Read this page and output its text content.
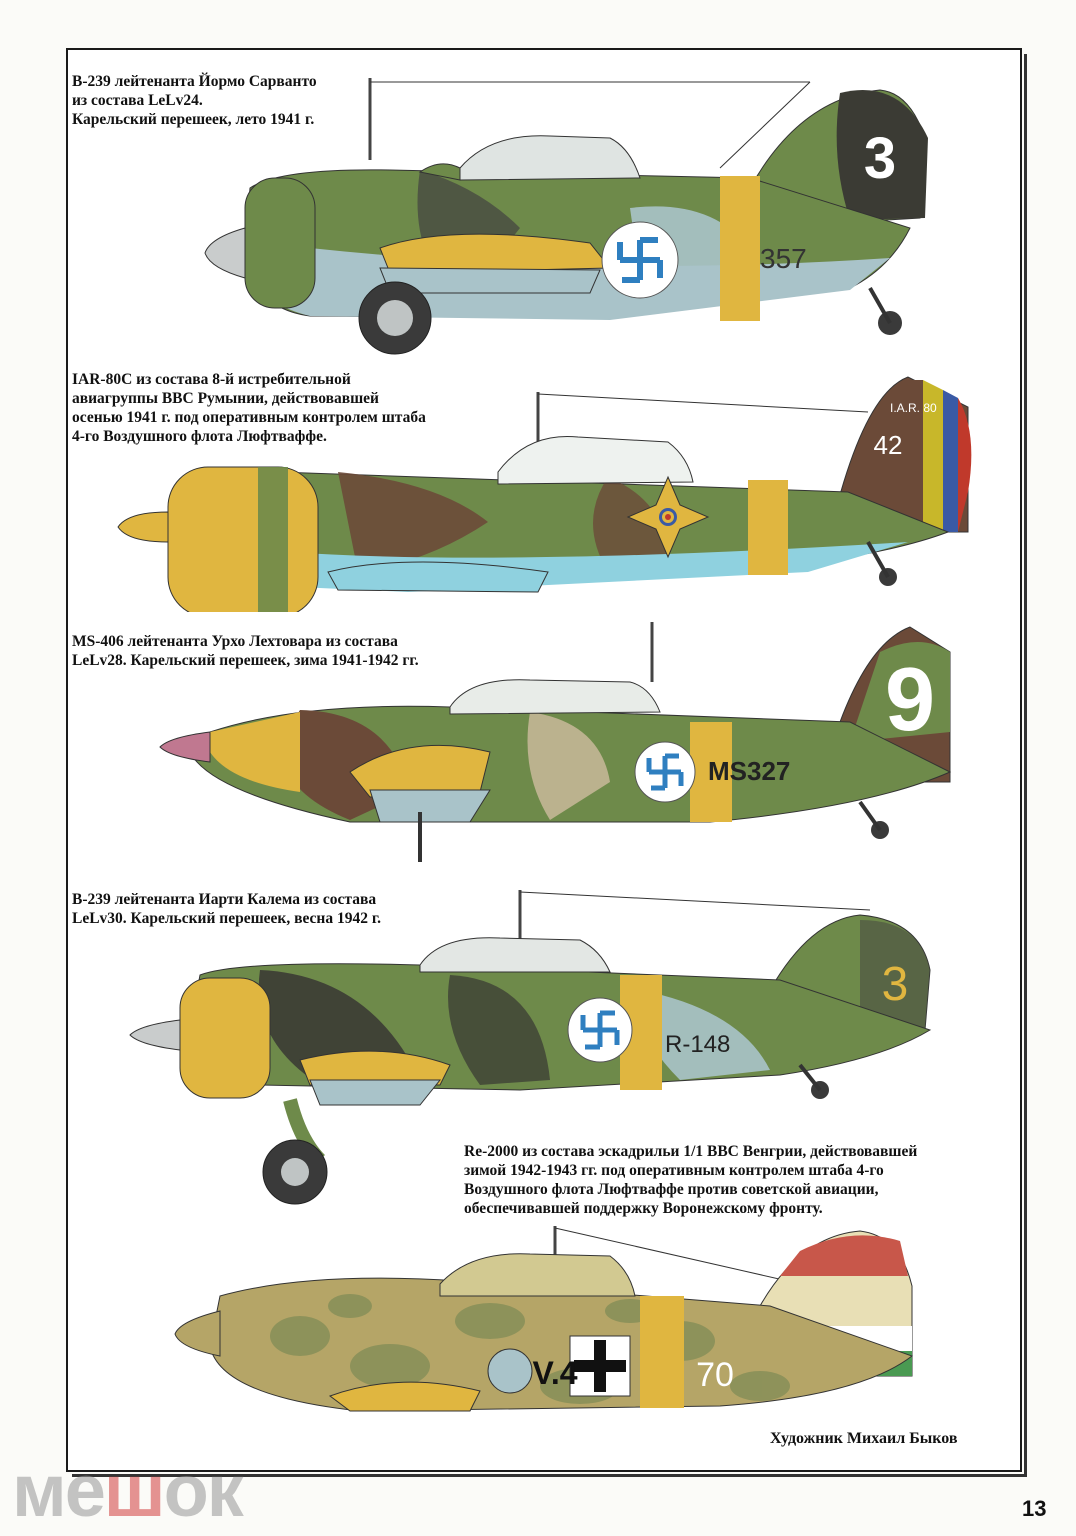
B-239 лейтенанта Йормо Сарванто
из состава LeLv24.
Карельский перешеек, лето 1941 г.
357
3
IAR-80C из состава 8-й истребительной
авиагруппы ВВС Румынии, действовавшей
осенью 1941 г. под оперативным контролем штаба
4-го Воздушного флота Люфтваффе.
I.A.R. 80
42
MS-406 лейтенанта Урхо Лехтовара из состава
LeLv28. Карельский перешеек, зима 1941-1942 гг.	9
MS327
B-239 лейтенанта Иарти Калема из состава
LeLv30. Карельский перешеек, весна 1942 г.
3
R-148
Re-2000 из состава эскадрильи 1/1 ВВС Венгрии, действовавшей
зимой 1942-1943 гг. под оперативным контролем штаба 4-го
Воздушного флота Люфтваффе против советской авиации,
обеспечивавшей поддержку Воронежскому фронту.
V.4	70
Художник Михаил Быков
13
мешок
